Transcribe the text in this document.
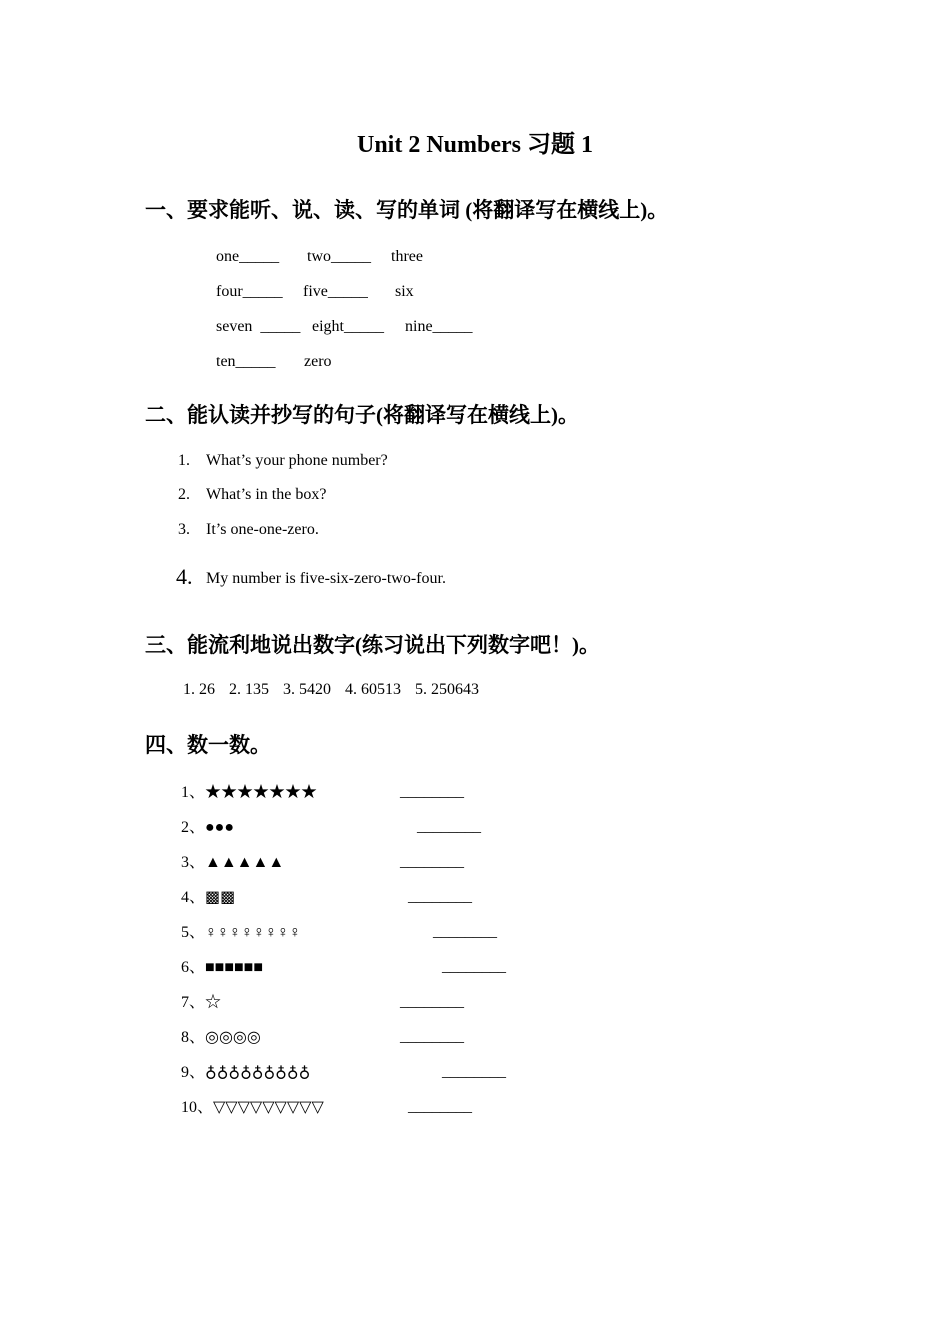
Unit 2 Numbers 习题 1
一、要求能听、说、读、写的单词 (将翻译写在横线上)。
one_____ two_____ three
four_____ five_____ six
seven  _____ eight_____ nine_____
ten_____ zero
二、能认读并抄写的句子(将翻译写在横线上)。
1. What’s your phone number?
2. What’s in the box?
3. It’s one-one-zero.
4. My number is five-six-zero-two-four.
三、能流利地说出数字(练习说出下列数字吧！)。
1. 26 2. 135 3. 5420 4. 60513 5. 250643
四、数一数。
1、★★★★★★★	________
2、●●●	________
3、▲▲▲▲▲	________
4、▩▩	________
5、♀♀♀♀♀♀♀♀	________
6、■■■■■■	________
7、☆	________
8、◎◎◎◎	________
9、♁♁♁♁♁♁♁♁♁	________
10、▽▽▽▽▽▽▽▽▽	________
